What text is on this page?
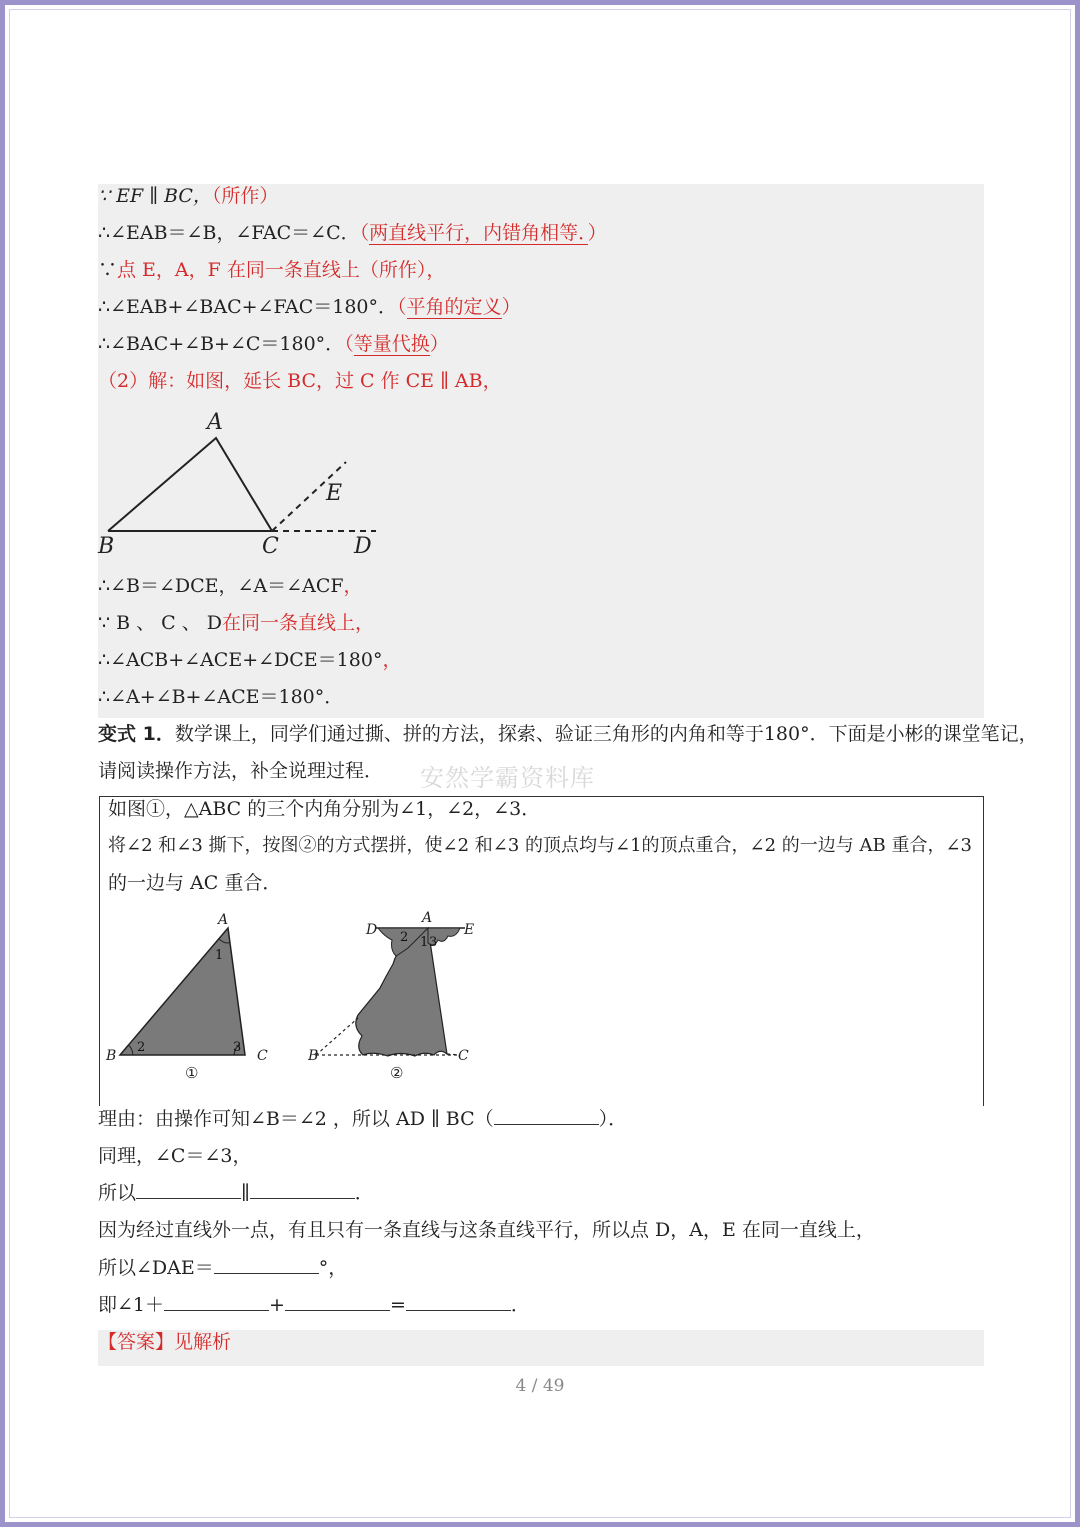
∵ EF ∥ BC，（所作）
∴∠EAB＝∠B，∠FAC＝∠C．（两直线平行，内错角相等．）
∵点 E，A，F 在同一条直线上（所作），
∴∠EAB+∠BAC+∠FAC＝180°．（平角的定义）
∴∠BAC+∠B+∠C＝180°．（等量代换）
（2）解：如图，延长 BC，过 C 作 CE ∥ AB，
A
B	C	D
E
∴∠B＝∠DCE，∠A＝∠ACF，
∵ B 、 C 、 D在同一条直线上，
∴∠ACB+∠ACE+∠DCE＝180°，
∴∠A+∠B+∠ACE＝180°．
变式 1．数学课上，同学们通过撕、拼的方法，探索、验证三角形的内角和等于180°．下面是小彬的课堂笔记，
请阅读操作方法，补全说理过程． 安然学霸资料库
如图①，△ABC 的三个内角分别为∠1，∠2，∠3．
将∠2 和∠3 撕下，按图②的方式摆拼，使∠2 和∠3 的顶点均与∠1的顶点重合，∠2 的一边与 AB 重合，∠3
的一边与 AC 重合．
A
B	C
1
2	3
①
A
B	C
D	E
1
2 3
②
理由：由操作可知∠B＝∠2 ，所以 AD ∥ BC（	）．
同理，∠C＝∠3，
所以	∥	．
因为经过直线外一点，有且只有一条直线与这条直线平行，所以点 D，A，E 在同一直线上，
所以∠DAE＝	°，
即∠1＋	+	=	．
【答案】见解析
4 / 49
